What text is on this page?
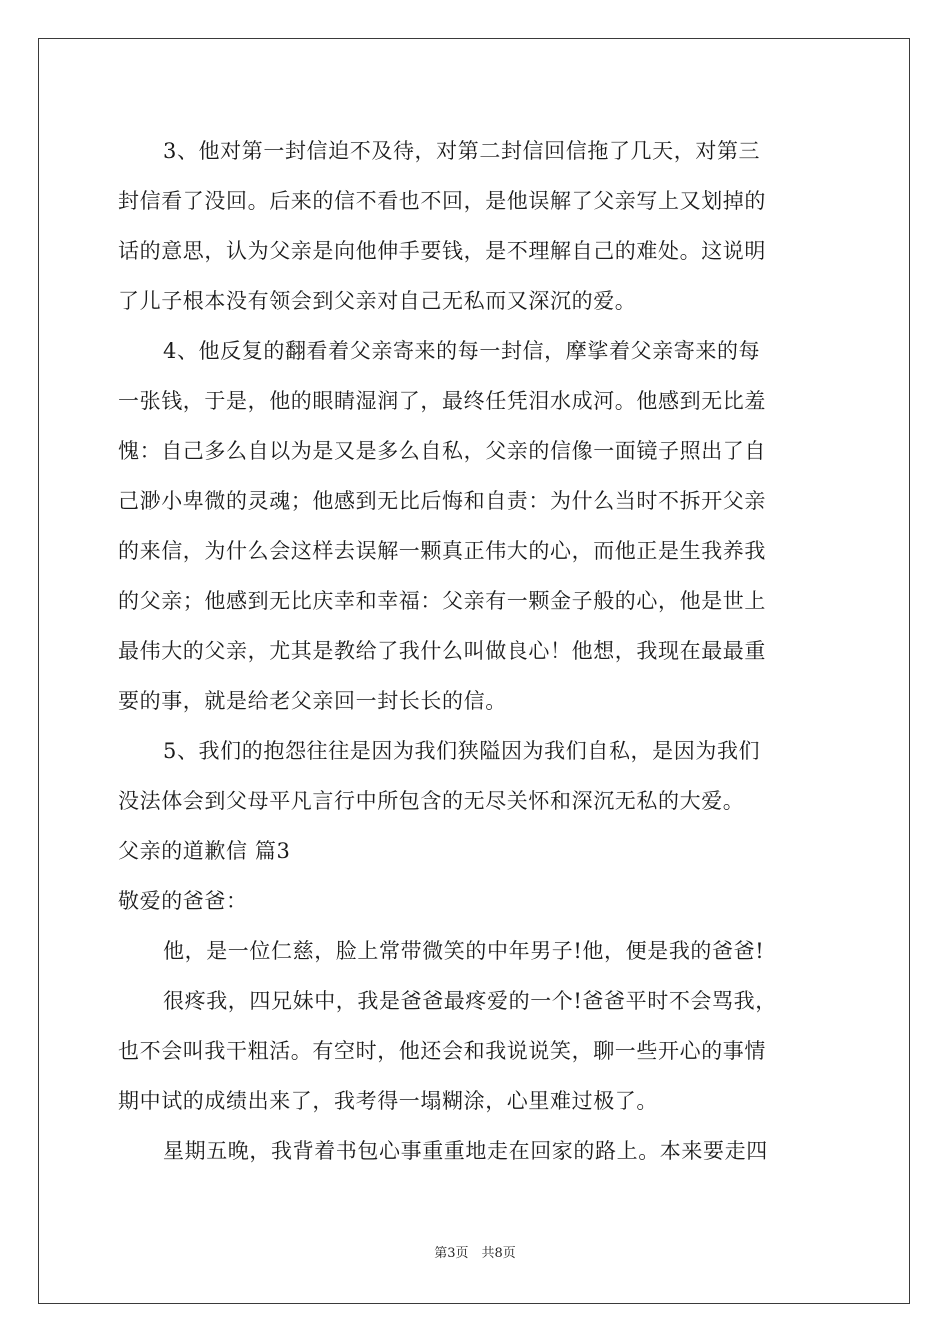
3、他对第一封信迫不及待，对第二封信回信拖了几天，对第三
封信看了没回。后来的信不看也不回，是他误解了父亲写上又划掉的
话的意思，认为父亲是向他伸手要钱，是不理解自己的难处。这说明
了儿子根本没有领会到父亲对自己无私而又深沉的爱。
4、他反复的翻看着父亲寄来的每一封信，摩挲着父亲寄来的每
一张钱，于是，他的眼睛湿润了，最终任凭泪水成河。他感到无比羞
愧：自己多么自以为是又是多么自私，父亲的信像一面镜子照出了自
己渺小卑微的灵魂；他感到无比后悔和自责：为什么当时不拆开父亲
的来信，为什么会这样去误解一颗真正伟大的心，而他正是生我养我
的父亲；他感到无比庆幸和幸福：父亲有一颗金子般的心，他是世上
最伟大的父亲，尤其是教给了我什么叫做良心！他想，我现在最最重
要的事，就是给老父亲回一封长长的信。
5、我们的抱怨往往是因为我们狭隘因为我们自私，是因为我们
没法体会到父母平凡言行中所包含的无尽关怀和深沉无私的大爱。
父亲的道歉信 篇3
敬爱的爸爸：
他，是一位仁慈，脸上常带微笑的中年男子!他，便是我的爸爸!
很疼我，四兄妹中，我是爸爸最疼爱的一个!爸爸平时不会骂我，
也不会叫我干粗活。有空时，他还会和我说说笑，聊一些开心的事情
期中试的成绩出来了，我考得一塌糊涂，心里难过极了。
星期五晚，我背着书包心事重重地走在回家的路上。本来要走四
第3页　共8页
